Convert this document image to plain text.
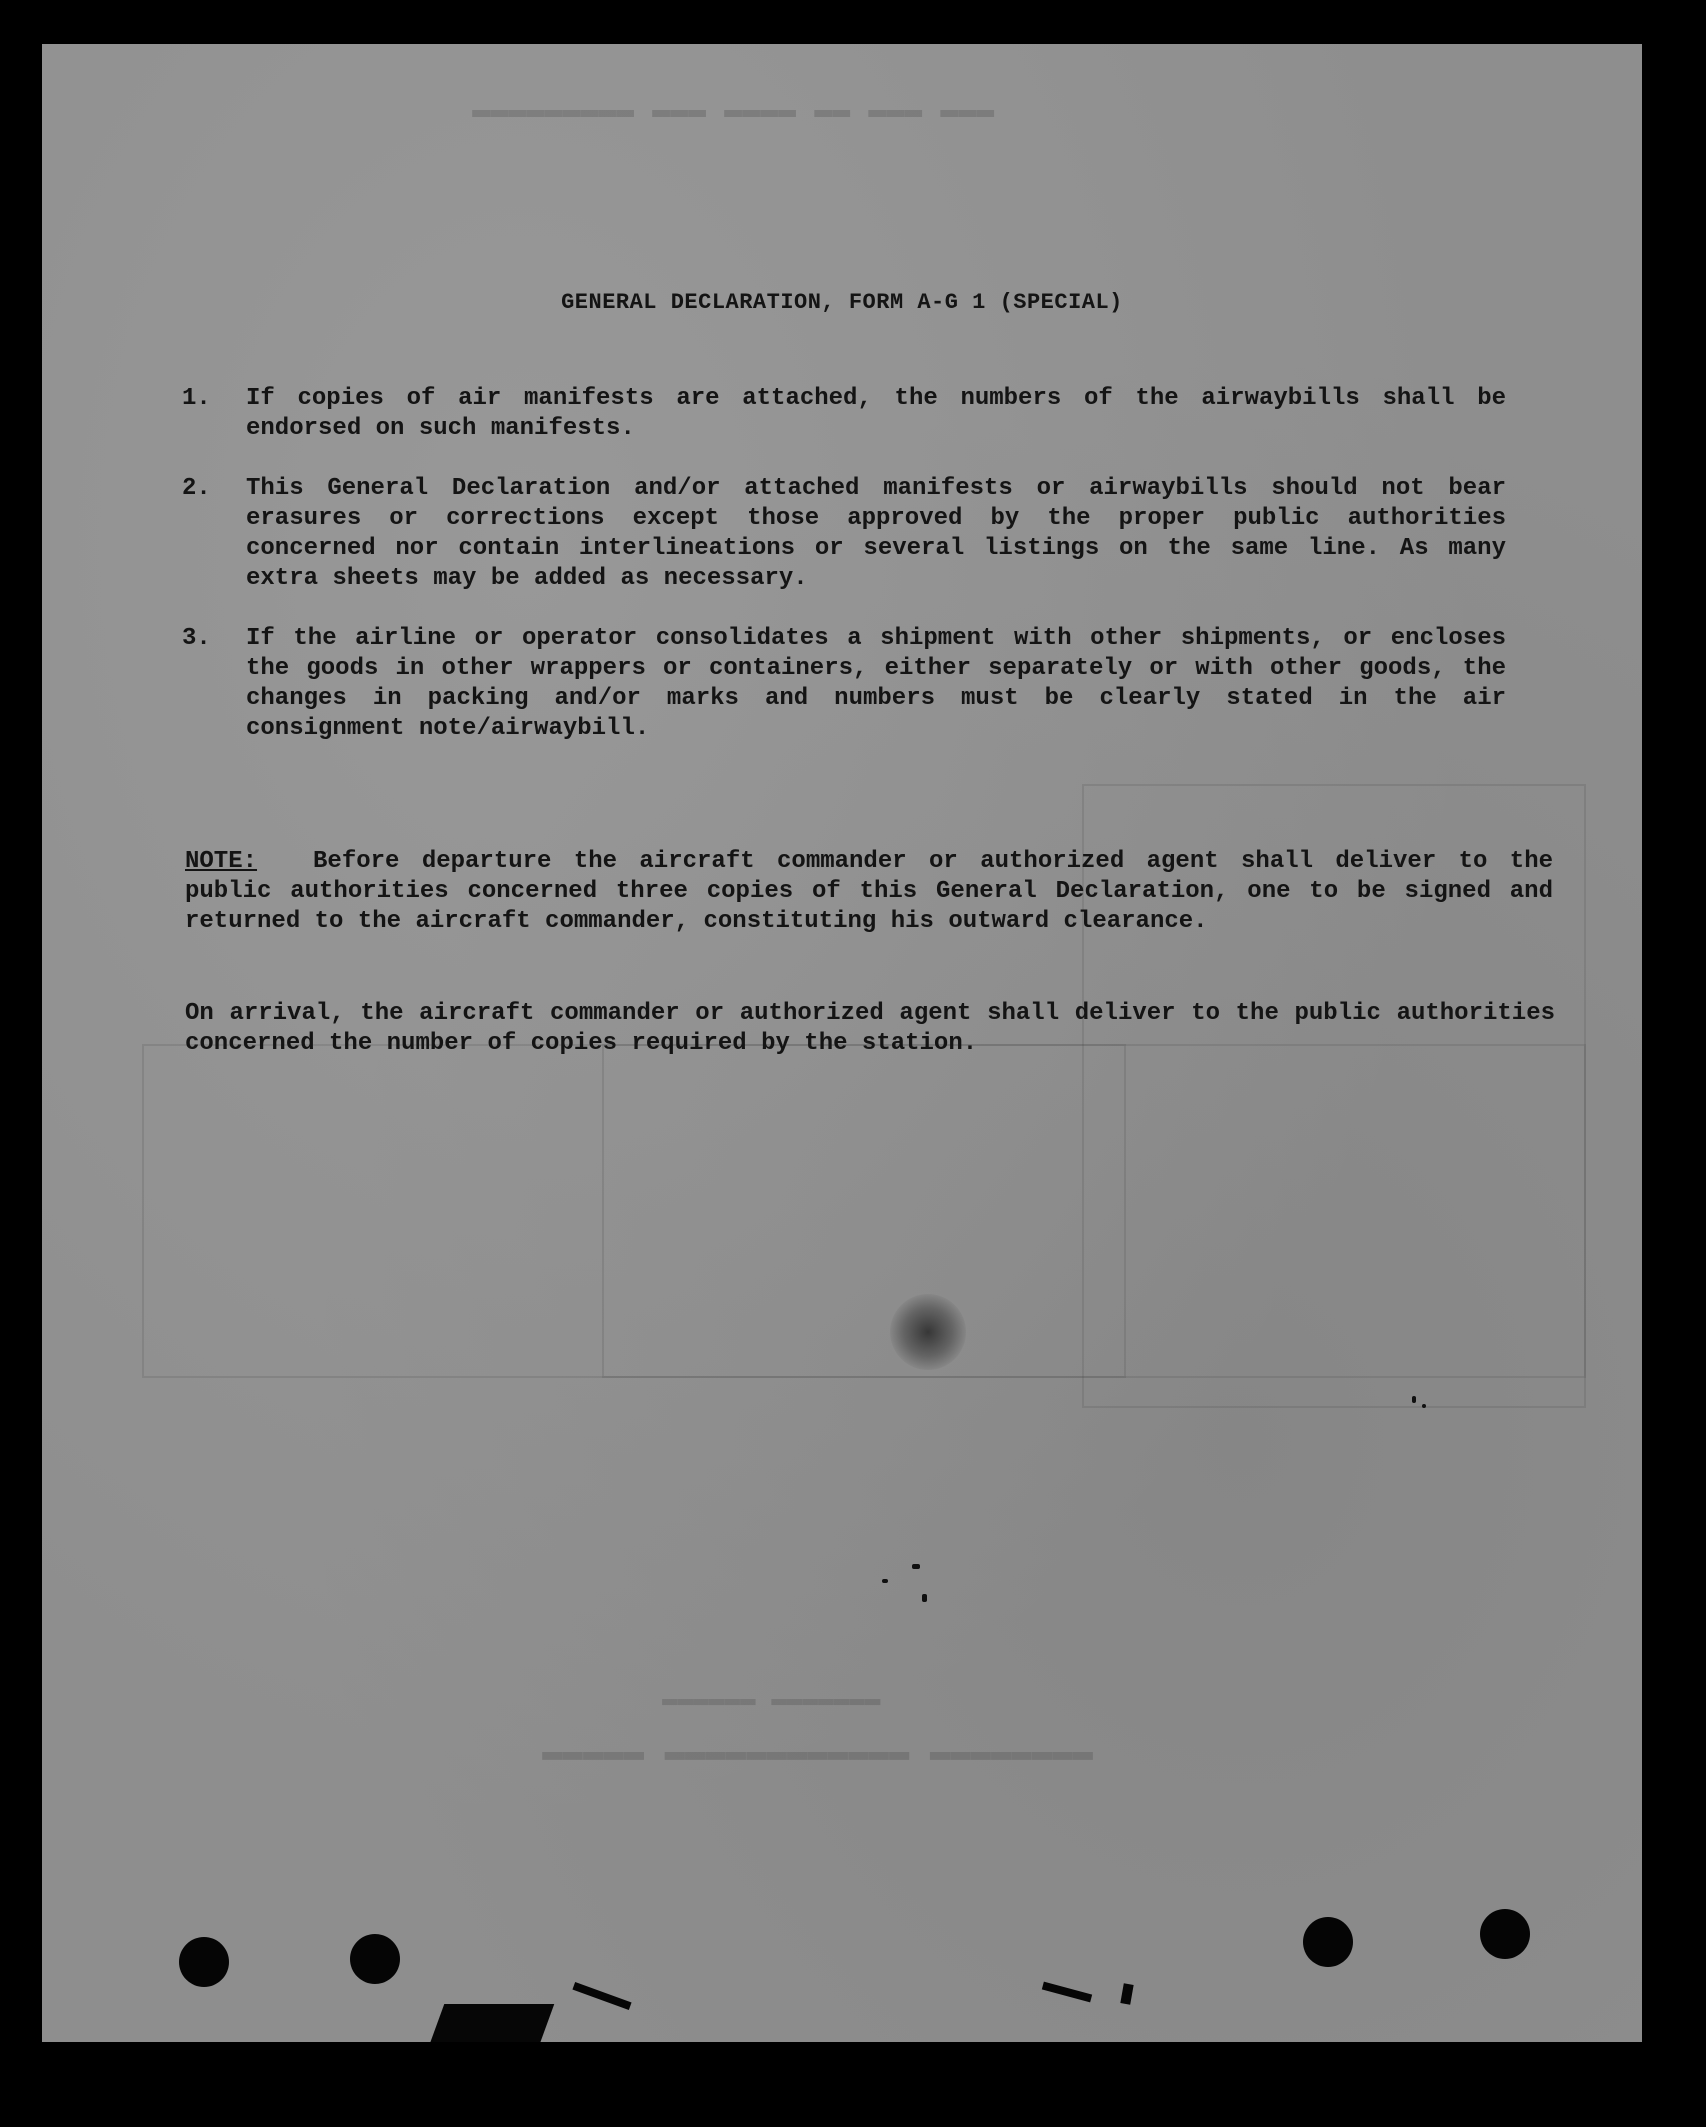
▬▬▬ ▬▬▬ ▬▬ ▬▬▬▬ ▬▬▬ ▬▬▬▬▬▬▬▬▬
▬▬▬▬▬▬▬▬ ▬▬▬▬▬▬▬▬▬▬▬▬ ▬▬▬▬▬
▬▬▬▬▬▬▬ ▬▬▬▬▬▬
GENERAL DECLARATION, FORM A-G 1 (SPECIAL)
1.	If copies of air manifests are attached, the numbers of the airwaybills shall be endorsed on such manifests.
2.	This General Declaration and/or attached manifests or airwaybills should not bear erasures or corrections except those approved by the proper public authorities concerned nor contain interlineations or several listings on the same line. As many extra sheets may be added as necessary.
3.	If the airline or operator consolidates a shipment with other shipments, or encloses the goods in other wrappers or containers, either separately or with other goods, the changes in packing and/or marks and numbers must be clearly stated in the air consignment note/airwaybill.
NOTE: Before departure the aircraft commander or authorized agent shall deliver to the public authorities concerned three copies of this General Declaration, one to be signed and returned to the aircraft commander, constituting his outward clearance.
On arrival, the aircraft commander or authorized agent shall deliver to the public authorities concerned the number of copies required by the station.
